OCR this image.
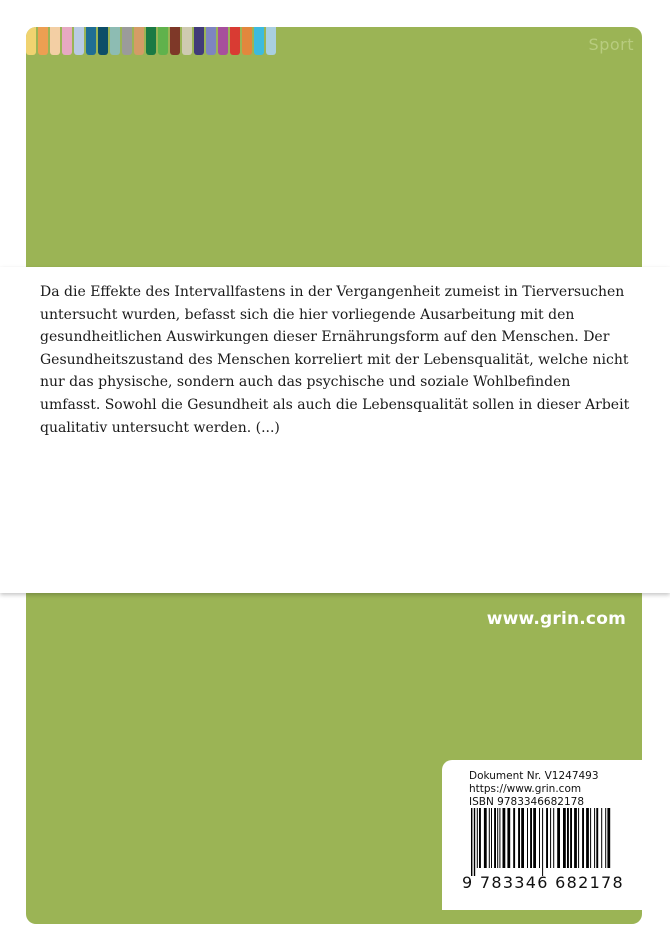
Sport
www.grin.com
Dokument Nr. V1247493
https://www.grin.com
ISBN 9783346682178
9 783346 682178

Da die Effekte des Intervallfastens in der Vergangenheit zumeist in Tierversuchen untersucht wurden, befasst sich die hier vorliegende Ausarbeitung mit den gesundheitlichen Auswirkungen dieser Ernährungsform auf den Menschen. Der Gesundheitszustand des Menschen korreliert mit der Lebensqualität, welche nicht nur das physische, sondern auch das psychische und soziale Wohlbefinden umfasst. Sowohl die Gesundheit als auch die Lebensqualität sollen in dieser Arbeit qualitativ untersucht werden. (...)
